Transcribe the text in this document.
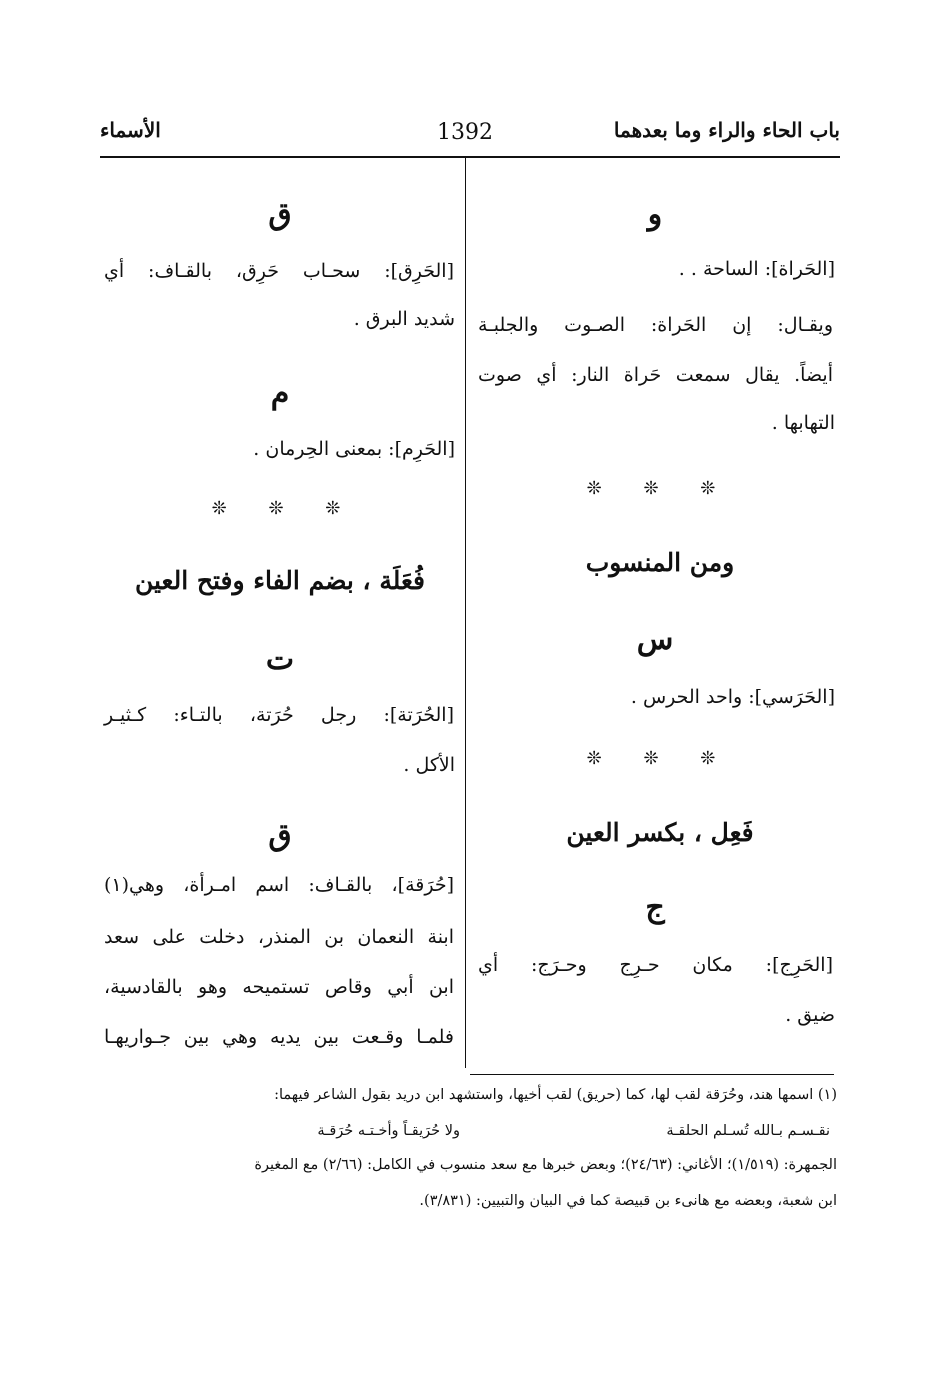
باب الحاء والراء وما بعدهما
1392
الأسماء
و
[الحَراة]: الساحة . .
ويقـال: إن الحَراة: الصـوت والجلبـة
أيضاً. يقال سمعت حَراة النار: أي صوت
التهابها .
❊ ❊ ❊
ومن المنسوب
س
[الحَرَسي]: واحد الحرس .
❊ ❊ ❊
فَعِل ، بكسر العين
ج
[الحَرِج]: مكان حـرِج وحـرَج: أي
ضيق .
ق
[الحَرِق]: سحـاب حَرِق، بالقـاف: أي
شديد البرق .
م
[الحَرِم]: بمعنى الحِرمان .
❊ ❊ ❊
فُعَلَة ، بضم الفاء وفتح العين
ت
[الحُرَتة]: رجل حُرَتة، بالتـاء: كـثيـر
الأكل .
ق
[حُرَقة]، بالقـاف: اسم امـرأة، وهي(١)
ابنة النعمان بن المنذر، دخلت على سعد
ابن أبي وقاص تستميحه وهو بالقادسية،
فلمـا وقـعت بين يديه وهي بين جـواريهـا
(١) اسمها هند، وحُرَقة لقب لها، كما (حريق) لقب أخيها، واستشهد ابن دريد بقول الشاعر فيهما:
نقـسـم بـالله تُسـلم الحلقـة
ولا حُرَيقـاً وأخـتـه حُرَقـة
الجمهرة: (١/٥١٩)؛ الأغاني: (٢٤/٦٣)؛ وبعض خبرها مع سعد منسوب في الكامل: (٢/٦٦) مع المغيرة
ابن شعبة، وبعضه مع هانىء بن قبيصة كما في البيان والتبيين: (٣/٨٣١).
